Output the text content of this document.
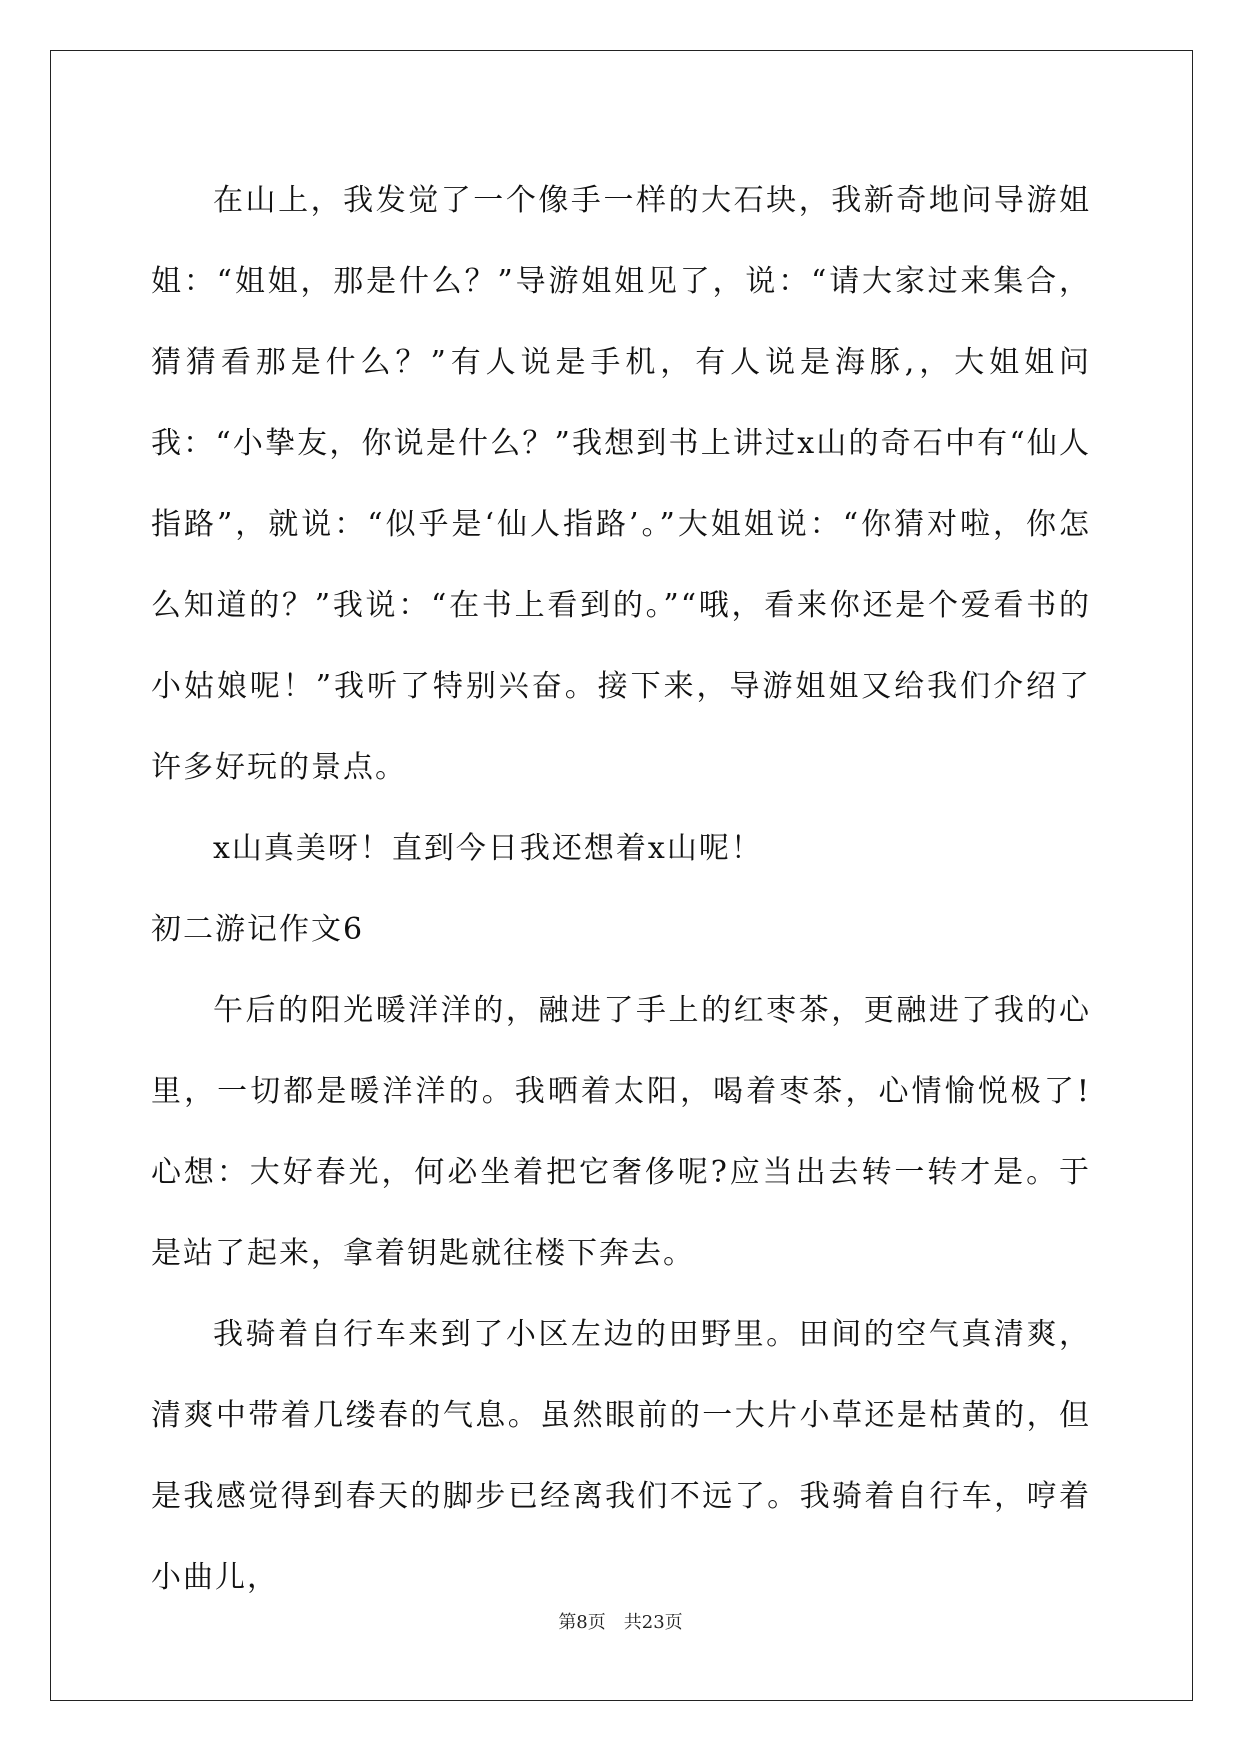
在山上，我发觉了一个像手一样的大石块，我新奇地问导游姐姐：“姐姐，那是什么？”导游姐姐见了，说：“请大家过来集合，猜猜看那是什么？”有人说是手机，有人说是海豚,，大姐姐问我：“小挚友，你说是什么？”我想到书上讲过x山的奇石中有“仙人指路”，就说：“似乎是‘仙人指路’。”大姐姐说：“你猜对啦，你怎么知道的？”我说：“在书上看到的。”“哦，看来你还是个爱看书的小姑娘呢！”我听了特别兴奋。接下来，导游姐姐又给我们介绍了许多好玩的景点。

x山真美呀！直到今日我还想着x山呢！

初二游记作文6

午后的阳光暖洋洋的，融进了手上的红枣茶，更融进了我的心里，一切都是暖洋洋的。我晒着太阳，喝着枣茶，心情愉悦极了!心想：大好春光，何必坐着把它奢侈呢?应当出去转一转才是。于是站了起来，拿着钥匙就往楼下奔去。

我骑着自行车来到了小区左边的田野里。田间的空气真清爽，清爽中带着几缕春的气息。虽然眼前的一大片小草还是枯黄的，但是我感觉得到春天的脚步已经离我们不远了。我骑着自行车，哼着小曲儿，

第8页　共23页
